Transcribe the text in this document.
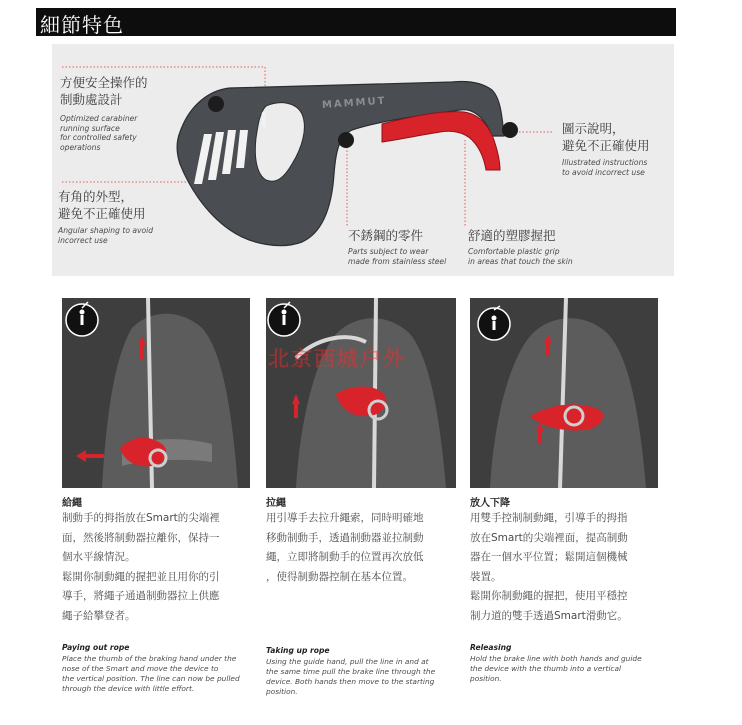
細節特色
MAMMUT
方便安全操作的
制動處設計
Optimized carabiner
running surface
for controlled safety
operations
有角的外型，
避免不正確使用
Angular shaping to avoid
incorrect use	不銹鋼的零件
Parts subject to wear
made from stainless steel
舒適的塑膠握把
Comfortable plastic grip
in areas that touch the skin
圖示說明，
避免不正確使用
Illustrated instructions
to avoid incorrect use
北京西城户外
給繩
制動手的拇指放在Smart的尖端裡
面，然後將制動器拉離你，保持一
個水平線情況。
鬆開你制動繩的握把並且用你的引
導手，將繩子通過制動器拉上供應
繩子給攀登者。
Paying out rope
Place the thumb of the braking hand under the
nose of the Smart and move the device to
the vertical position. The line can now be pulled
through the device with little effort.
拉繩
用引導手去拉升繩索，同時明確地
移動制動手，透過制動器並拉制動
繩，立即將制動手的位置再次放低
，使得制動器控制在基本位置。
Taking up rope
Using the guide hand, pull the line in and at
the same time pull the brake line through the
device. Both hands then move to the starting
position.
放人下降
用雙手控制制動繩，引導手的拇指
放在Smart的尖端裡面，提高制動
器在一個水平位置；鬆開這個機械
裝置。
鬆開你制動繩的握把，使用平穩控
制力道的雙手透過Smart滑動它。
Releasing
Hold the brake line with both hands and guide
the device with the thumb into a vertical
position.
